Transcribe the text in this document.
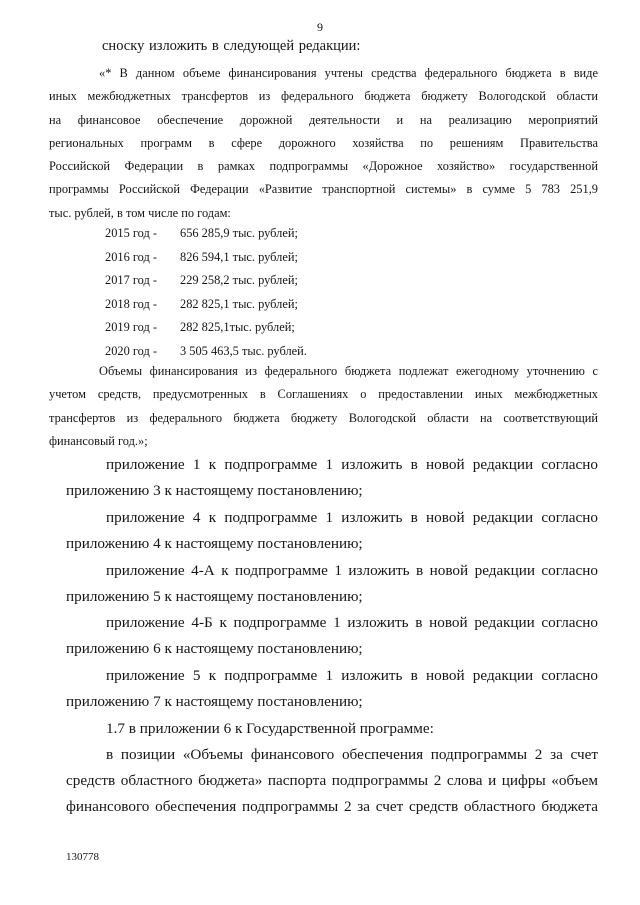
9
сноску изложить в следующей редакции:
«* В данном объеме финансирования учтены средства федерального бюджета в виде
иных межбюджетных трансфертов из федерального бюджета бюджету Вологодской области
на финансовое обеспечение дорожной деятельности и на реализацию мероприятий
региональных программ в сфере дорожного хозяйства по решениям Правительства
Российской Федерации в рамках подпрограммы «Дорожное хозяйство» государственной
программы Российской Федерации «Развитие транспортной системы» в сумме 5 783 251,9
тыс. рублей, в том числе по годам:
2015 год - 656 285,9 тыс. рублей;
2016 год - 826 594,1 тыс. рублей;
2017 год - 229 258,2 тыс. рублей;
2018 год - 282 825,1 тыс. рублей;
2019 год - 282 825,1тыс. рублей;
2020 год - 3 505 463,5 тыс. рублей.
Объемы финансирования из федерального бюджета подлежат ежегодному уточнению с
учетом средств, предусмотренных в Соглашениях о предоставлении иных межбюджетных
трансфертов из федерального бюджета бюджету Вологодской области на соответствующий
финансовый год.»;
приложение 1 к подпрограмме 1 изложить в новой редакции согласно
приложению 3 к настоящему постановлению;
приложение 4 к подпрограмме 1 изложить в новой редакции согласно
приложению 4 к настоящему постановлению;
приложение 4-А к подпрограмме 1 изложить в новой редакции согласно
приложению 5 к настоящему постановлению;
приложение 4-Б к подпрограмме 1 изложить в новой редакции согласно
приложению 6 к настоящему постановлению;
приложение 5 к подпрограмме 1 изложить в новой редакции согласно
приложению 7 к настоящему постановлению;
1.7 в приложении 6 к Государственной программе:
в позиции «Объемы финансового обеспечения подпрограммы 2 за счет
средств областного бюджета» паспорта подпрограммы 2 слова и цифры «объем
финансового обеспечения подпрограммы 2 за счет средств областного бюджета
130778
